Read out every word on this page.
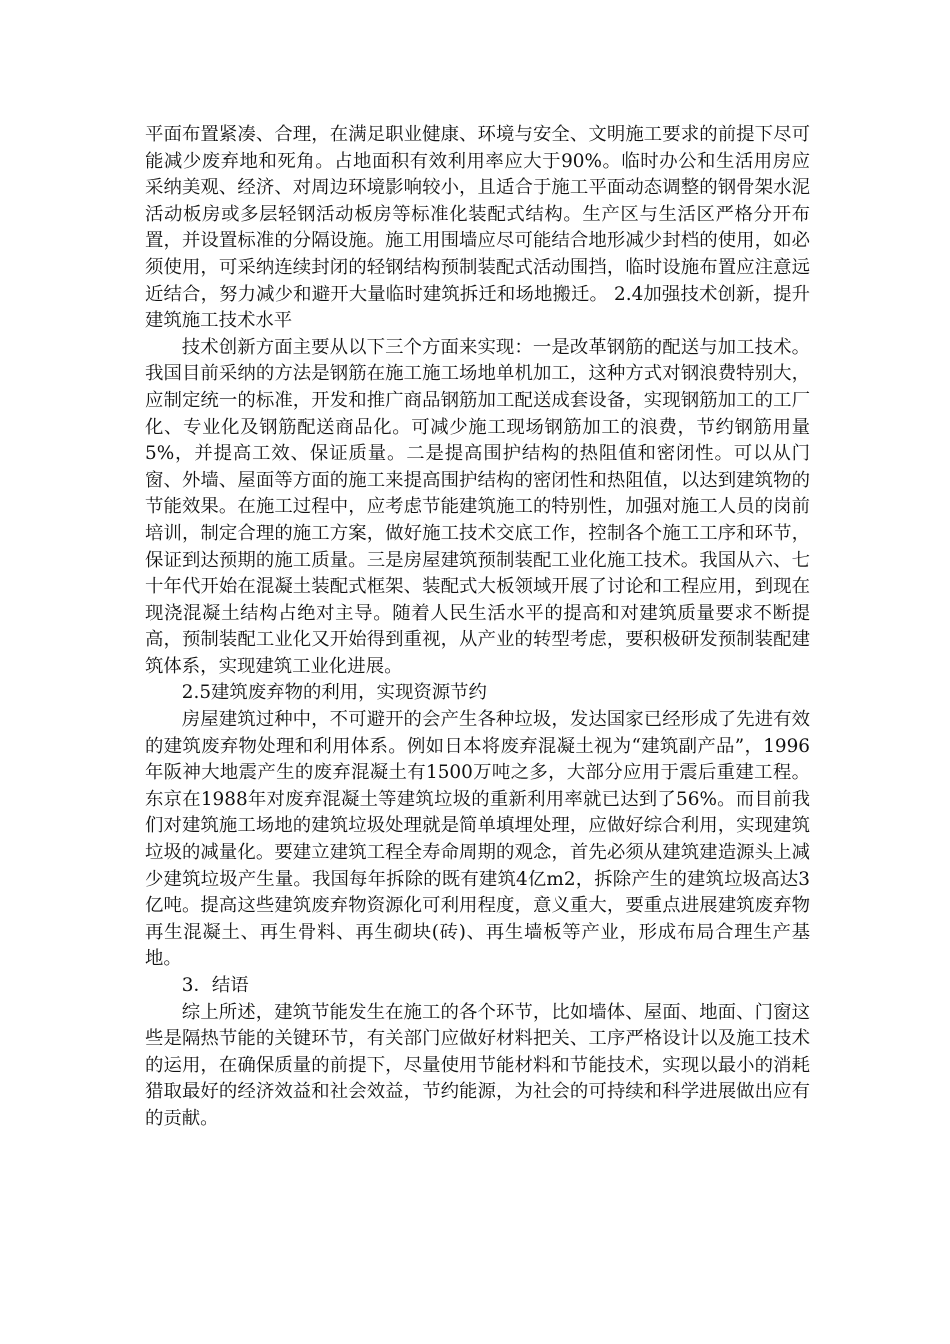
平面布置紧凑、合理，在满足职业健康、环境与安全、文明施工要求的前提下尽可能减少废弃地和死角。占地面积有效利用率应大于90%。临时办公和生活用房应采纳美观、经济、对周边环境影响较小，且适合于施工平面动态调整的钢骨架水泥活动板房或多层轻钢活动板房等标准化装配式结构。生产区与生活区严格分开布置，并设置标准的分隔设施。施工用围墙应尽可能结合地形减少封档的使用，如必须使用，可采纳连续封闭的轻钢结构预制装配式活动围挡，临时设施布置应注意远近结合，努力减少和避开大量临时建筑拆迁和场地搬迁。 2.4加强技术创新，提升建筑施工技术水平

技术创新方面主要从以下三个方面来实现：一是改革钢筋的配送与加工技术。我国目前采纳的方法是钢筋在施工施工场地单机加工，这种方式对钢浪费特别大，应制定统一的标准，开发和推广商品钢筋加工配送成套设备，实现钢筋加工的工厂化、专业化及钢筋配送商品化。可减少施工现场钢筋加工的浪费，节约钢筋用量5%，并提高工效、保证质量。二是提高围护结构的热阻值和密闭性。可以从门窗、外墙、屋面等方面的施工来提高围护结构的密闭性和热阻值，以达到建筑物的节能效果。在施工过程中，应考虑节能建筑施工的特别性，加强对施工人员的岗前培训，制定合理的施工方案，做好施工技术交底工作，控制各个施工工序和环节，保证到达预期的施工质量。三是房屋建筑预制装配工业化施工技术。我国从六、七十年代开始在混凝土装配式框架、装配式大板领域开展了讨论和工程应用，到现在现浇混凝土结构占绝对主导。随着人民生活水平的提高和对建筑质量要求不断提高，预制装配工业化又开始得到重视，从产业的转型考虑，要积极研发预制装配建筑体系，实现建筑工业化进展。

2.5建筑废弃物的利用，实现资源节约

房屋建筑过种中，不可避开的会产生各种垃圾，发达国家已经形成了先进有效的建筑废弃物处理和利用体系。例如日本将废弃混凝土视为“建筑副产品”，1996年阪神大地震产生的废弃混凝土有1500万吨之多，大部分应用于震后重建工程。东京在1988年对废弃混凝土等建筑垃圾的重新利用率就已达到了56%。而目前我们对建筑施工场地的建筑垃圾处理就是简单填埋处理，应做好综合利用，实现建筑垃圾的减量化。要建立建筑工程全寿命周期的观念，首先必须从建筑建造源头上减少建筑垃圾产生量。我国每年拆除的既有建筑4亿m2，拆除产生的建筑垃圾高达3亿吨。提高这些建筑废弃物资源化可利用程度，意义重大，要重点进展建筑废弃物再生混凝土、再生骨料、再生砌块(砖)、再生墙板等产业，形成布局合理生产基地。

3．结语

综上所述，建筑节能发生在施工的各个环节，比如墙体、屋面、地面、门窗这些是隔热节能的关键环节，有关部门应做好材料把关、工序严格设计以及施工技术的运用，在确保质量的前提下，尽量使用节能材料和节能技术，实现以最小的消耗猎取最好的经济效益和社会效益，节约能源，为社会的可持续和科学进展做出应有的贡献。
